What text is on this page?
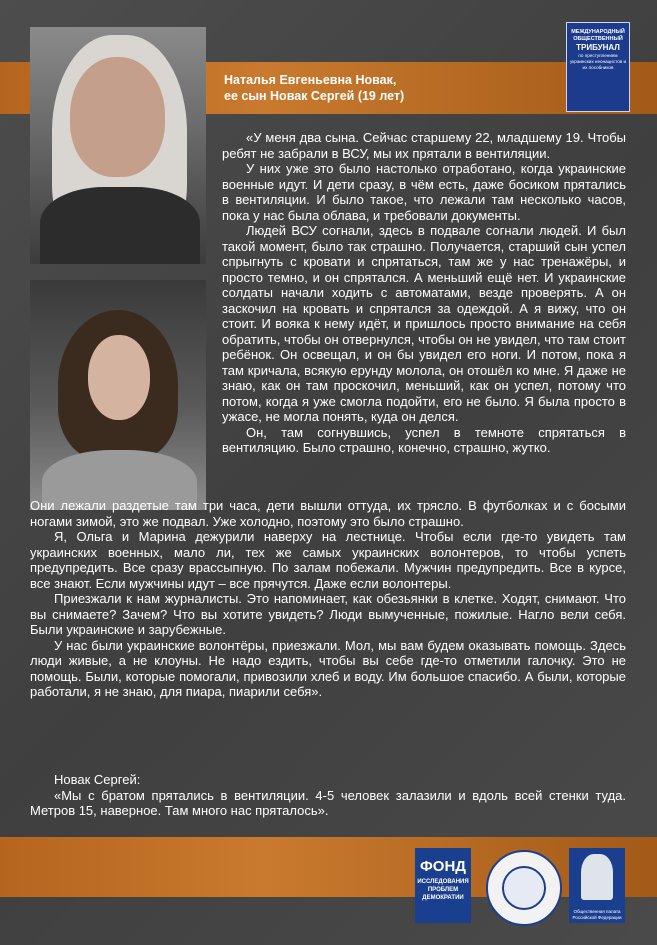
Наталья Евгеньевна Новак,
ее сын Новак Сергей (19 лет)
МЕЖДУНАРОДНЫЙ
ОБЩЕСТВЕННЫЙ
ТРИБУНАЛ
по преступлениям украинских неонацистов и их пособников

«У меня два сына. Сейчас старшему 22, младшему 19. Чтобы ребят не забрали в ВСУ, мы их прятали в вентиляции.

У них уже это было настолько отработано, когда украинские военные идут. И дети сразу, в чём есть, даже босиком прятались в вентиляции. И было такое, что лежали там несколько часов, пока у нас была облава, и требовали документы.

Людей ВСУ согнали, здесь в подвале согнали людей. И был такой момент, было так страшно. Получается, старший сын успел спрыгнуть с кровати и спрятаться, там же у нас тренажёры, и просто темно, и он спрятался. А меньший ещё нет. И украинские солдаты начали ходить с автоматами, везде проверять. А он заскочил на кровать и спрятался за одеждой. А я вижу, что он стоит. И вояка к нему идёт, и пришлось просто внимание на себя обратить, чтобы он отвернулся, чтобы он не увидел, что там стоит ребёнок. Он освещал, и он бы увидел его ноги. И потом, пока я там кричала, всякую ерунду молола, он отошёл ко мне. Я даже не знаю, как он там проскочил, меньший, как он успел, потому что потом, когда я уже смогла подойти, его не было. Я была просто в ужасе, не могла понять, куда он делся.

Он, там согнувшись, успел в темноте спрятаться в вентиляцию. Было страшно, конечно, страшно, жутко.

Они лежали раздетые там три часа, дети вышли оттуда, их трясло. В футболках и с босыми ногами зимой, это же подвал. Уже холодно, поэтому это было страшно.

Я, Ольга и Марина дежурили наверху на лестнице. Чтобы если где-то увидеть там украинских военных, мало ли, тех же самых украинских волонтеров, то чтобы успеть предупредить. Все сразу врассыпную. По залам побежали. Мужчин предупредить. Все в курсе, все знают. Если мужчины идут – все прячутся. Даже если волонтеры.

Приезжали к нам журналисты. Это напоминает, как обезьянки в клетке. Ходят, снимают. Что вы снимаете? Зачем? Что вы хотите увидеть? Люди вымученные, пожилые. Нагло вели себя. Были украинские и зарубежные.

У нас были украинские волонтёры, приезжали. Мол, мы вам будем оказывать помощь. Здесь люди живые, а не клоуны. Не надо ездить, чтобы вы себе где-то отметили галочку. Это не помощь. Были, которые помогали, привозили хлеб и воду. Им большое спасибо. А были, которые работали, я не знаю, для пиара, пиарили себя».

Новак Сергей:

«Мы с братом прятались в вентиляции. 4-5 человек залазили и вдоль всей стенки туда. Метров 15, наверное. Там много нас пряталось».

ФОНД
ИССЛЕДОВАНИЯ
ПРОБЛЕМ
ДЕМОКРАТИИ
Общественная палата Российской Федерации
